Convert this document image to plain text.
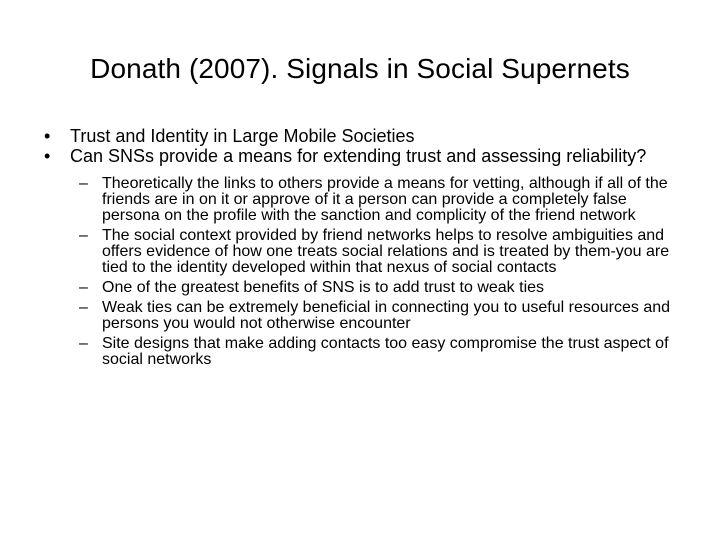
Donath (2007). Signals in Social Supernets
• Trust and Identity in Large Mobile Societies
• Can SNSs provide a means for extending trust and assessing reliability?
– Theoretically the links to others provide a means for vetting, although if all of the friends are in on it or approve of it a person can provide a completely false persona on the profile with the sanction and complicity of the friend network
– The social context provided by friend networks helps to resolve ambiguities and offers evidence of how one treats social relations and is treated by them-you are tied to the identity developed within that nexus of social contacts
– One of the greatest benefits of SNS is to add trust to weak ties
– Weak ties can be extremely beneficial in connecting you to useful resources and persons you would not otherwise encounter
– Site designs that make adding contacts too easy compromise the trust aspect of social networks
